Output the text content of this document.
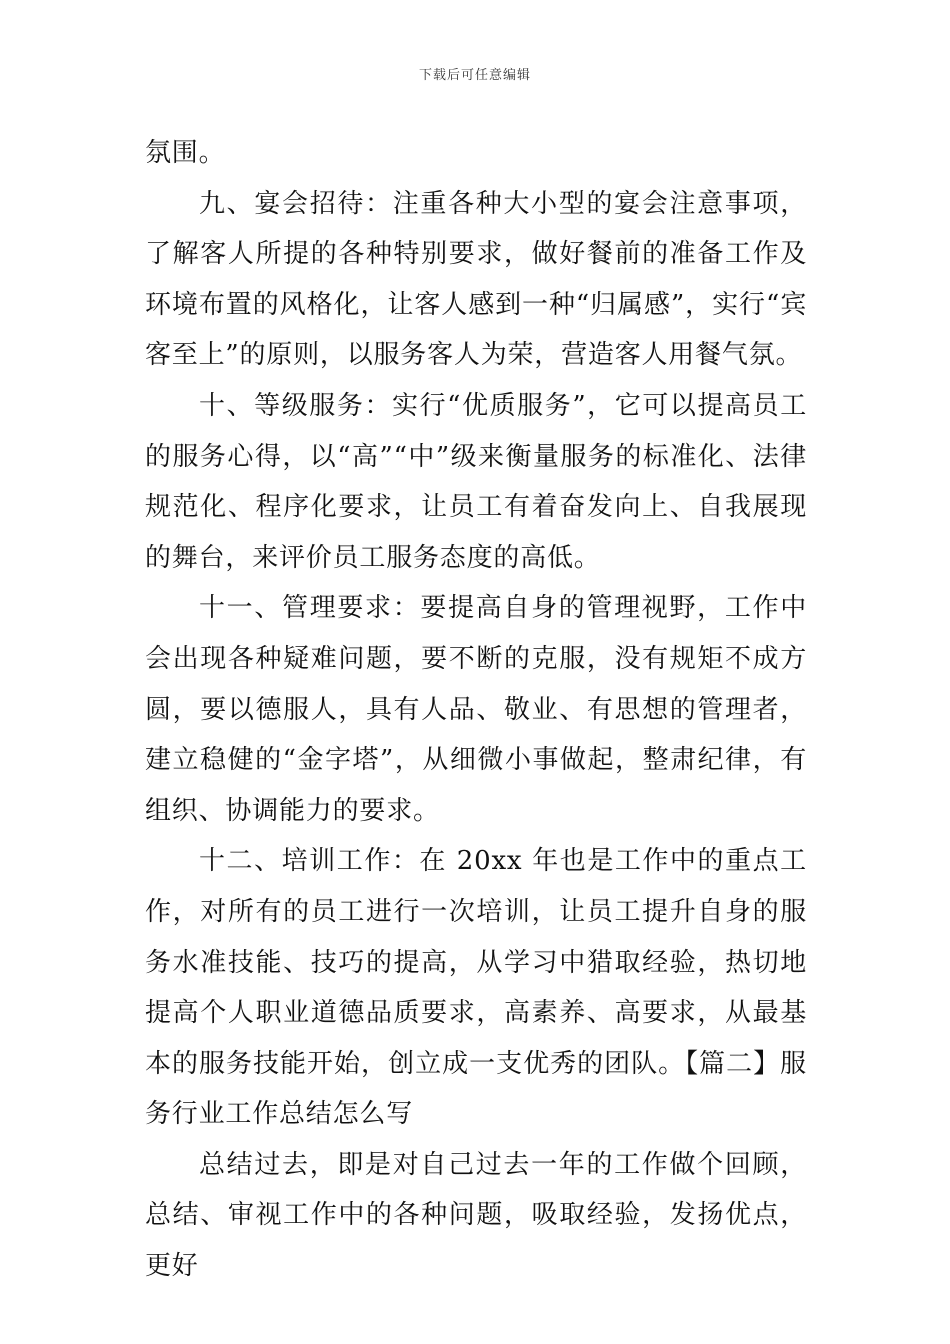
下载后可任意编辑

氛围。

九、宴会招待：注重各种大小型的宴会注意事项，了解客人所提的各种特别要求，做好餐前的准备工作及环境布置的风格化，让客人感到一种“归属感”，实行“宾客至上”的原则，以服务客人为荣，营造客人用餐气氛。

十、等级服务：实行“优质服务”，它可以提高员工的服务心得，以“高”“中”级来衡量服务的标准化、法律规范化、程序化要求，让员工有着奋发向上、自我展现的舞台，来评价员工服务态度的高低。

十一、管理要求：要提高自身的管理视野，工作中会出现各种疑难问题，要不断的克服，没有规矩不成方圆，要以德服人，具有人品、敬业、有思想的管理者，建立稳健的“金字塔”，从细微小事做起，整肃纪律，有组织、协调能力的要求。

十二、培训工作：在 20xx 年也是工作中的重点工作，对所有的员工进行一次培训，让员工提升自身的服务水准技能、技巧的提高，从学习中猎取经验，热切地提高个人职业道德品质要求，高素养、高要求，从最基本的服务技能开始，创立成一支优秀的团队。【篇二】服务行业工作总结怎么写

总结过去，即是对自己过去一年的工作做个回顾，总结、审视工作中的各种问题，吸取经验，发扬优点，更好
